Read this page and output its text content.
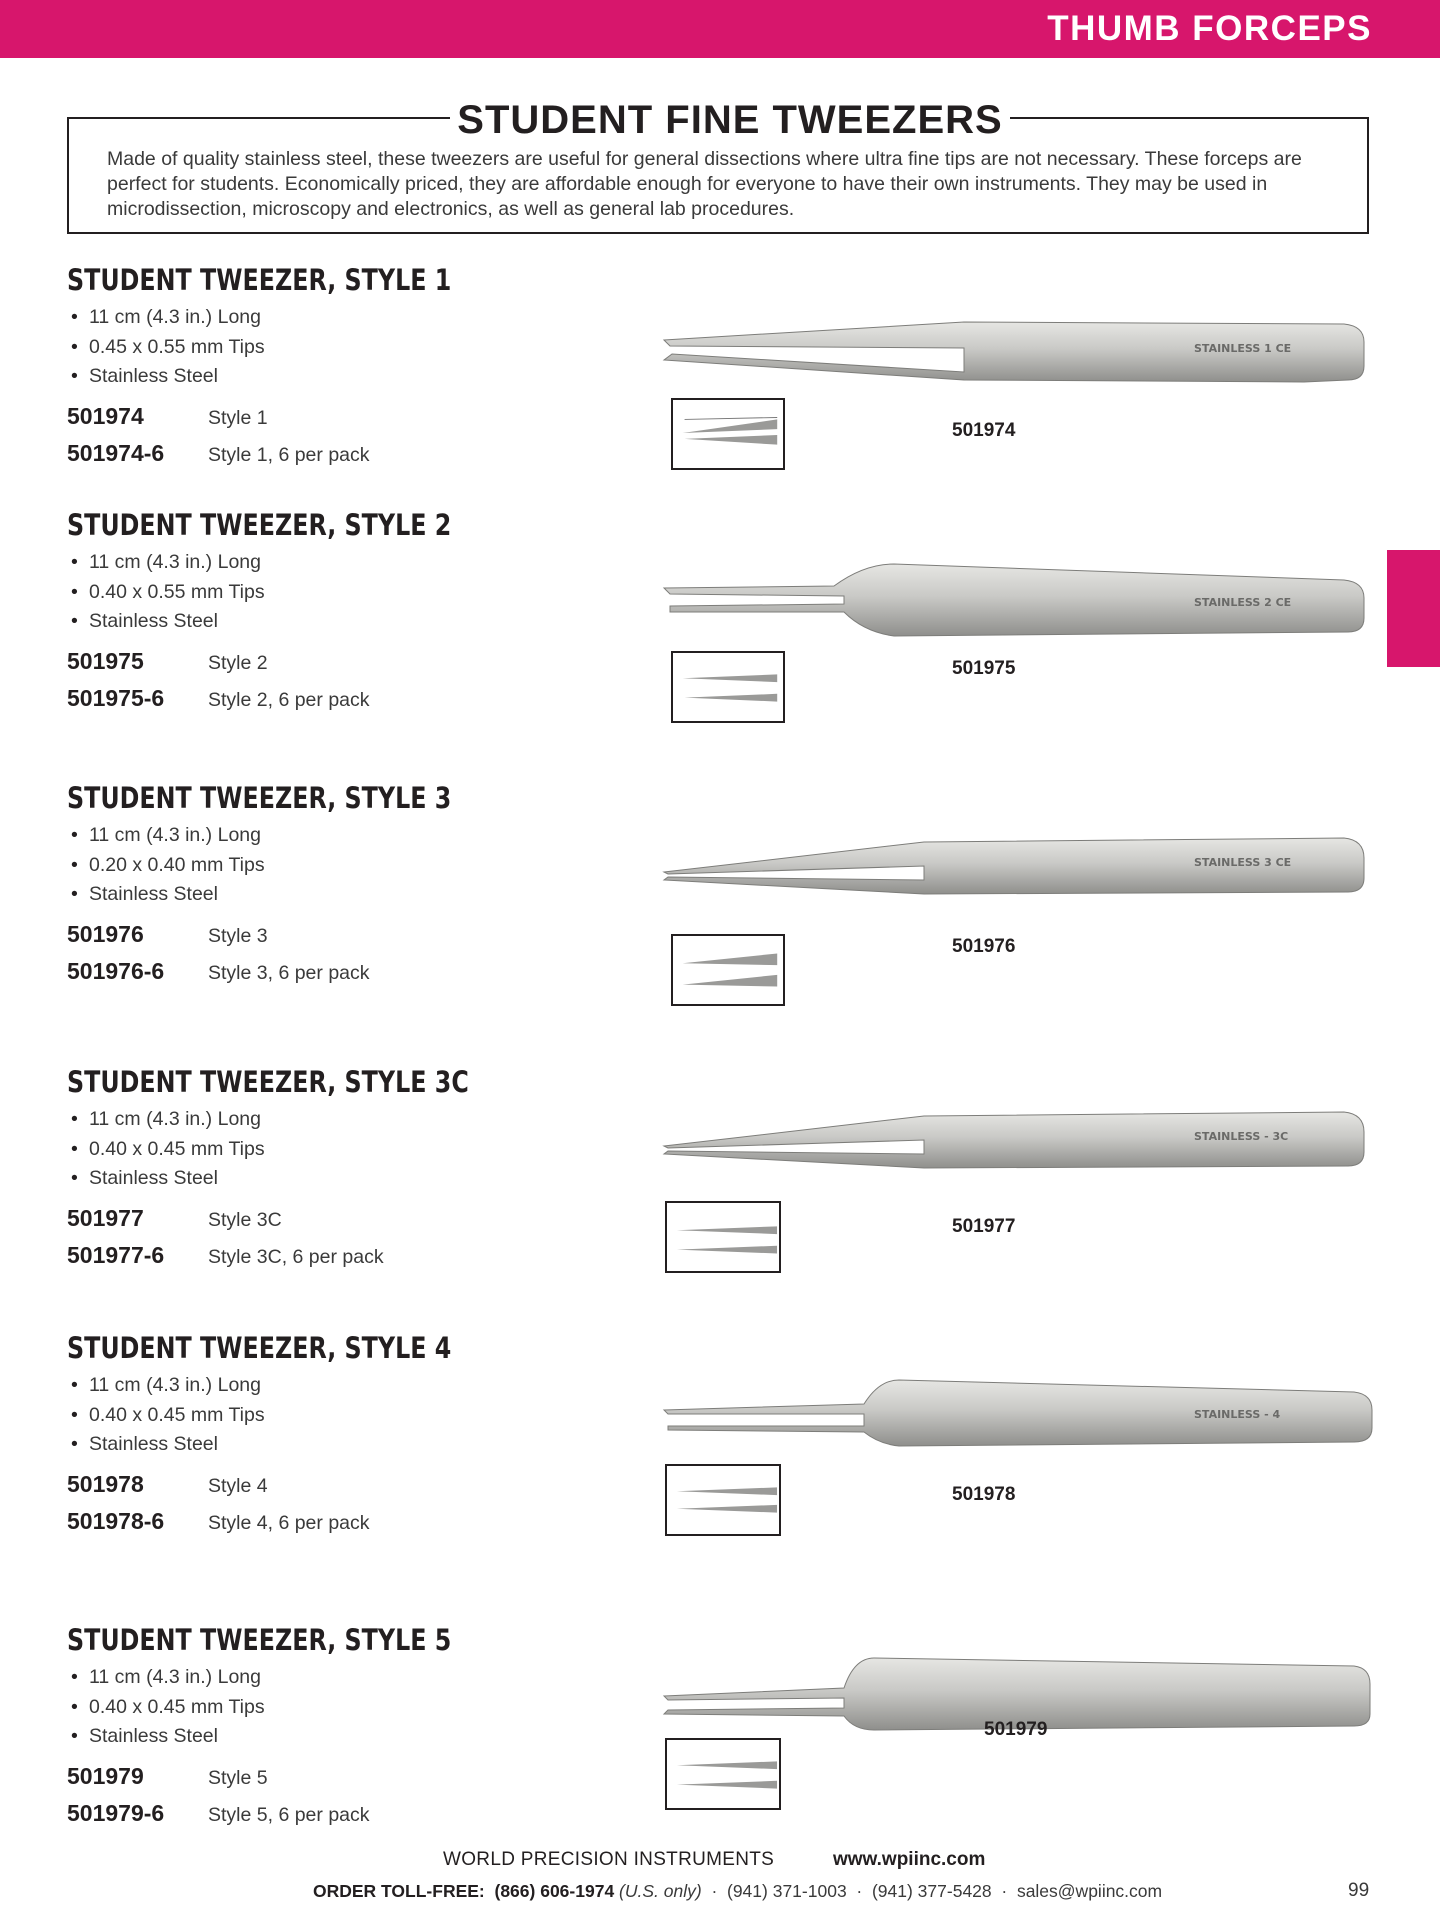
THUMB FORCEPS
STUDENT FINE TWEEZERS
Made of quality stainless steel, these tweezers are useful for general dissections where ultra fine tips are not necessary. These forceps are perfect for students. Economically priced, they are affordable enough for everyone to have their own instruments. They may be used in microdissection, microscopy and electronics, as well as general lab procedures.
STUDENT TWEEZER, STYLE 1
• 11 cm (4.3 in.) Long
• 0.45 x 0.55 mm Tips
• Stainless Steel
501974	Style 1
501974-6 Style 1, 6 per pack
STAINLESS 1 CE
501974
STUDENT TWEEZER, STYLE 2
• 11 cm (4.3 in.) Long
• 0.40 x 0.55 mm Tips
• Stainless Steel
501975	Style 2
501975-6 Style 2, 6 per pack
STAINLESS 2 CE
501975
STUDENT TWEEZER, STYLE 3
• 11 cm (4.3 in.) Long
• 0.20 x 0.40 mm Tips
• Stainless Steel
501976	Style 3
501976-6 Style 3, 6 per pack
STAINLESS 3 CE
501976
STUDENT TWEEZER, STYLE 3C
• 11 cm (4.3 in.) Long
• 0.40 x 0.45 mm Tips
• Stainless Steel
501977	Style 3C
501977-6 Style 3C, 6 per pack
STAINLESS - 3C
501977
STUDENT TWEEZER, STYLE 4
• 11 cm (4.3 in.) Long
• 0.40 x 0.45 mm Tips
• Stainless Steel
501978	Style 4
501978-6 Style 4, 6 per pack
STAINLESS - 4
501978
STUDENT TWEEZER, STYLE 5
• 11 cm (4.3 in.) Long
• 0.40 x 0.45 mm Tips
• Stainless Steel
501979	Style 5
501979-6 Style 5, 6 per pack
501979
WORLD PRECISION INSTRUMENTS	www.wpiinc.com
ORDER TOLL-FREE: (866) 606-1974 (U.S. only) · (941) 371-1003 · (941) 377-5428 · sales@wpiinc.com	99
